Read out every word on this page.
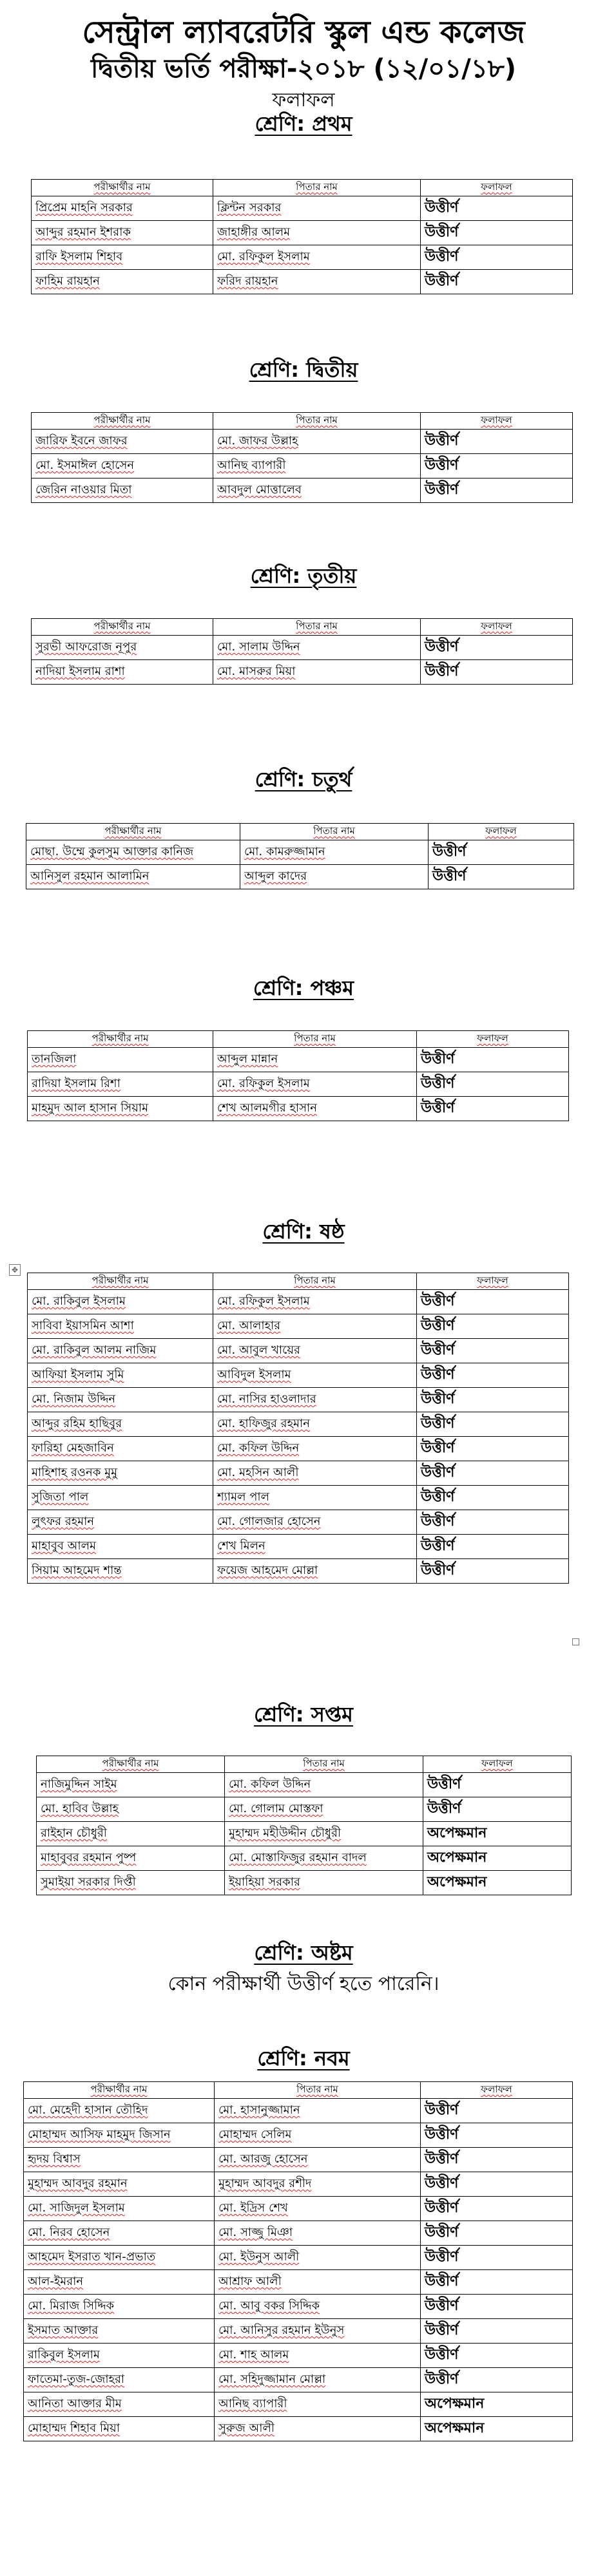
সেন্ট্রাল ল্যাবরেটরি স্কুল এন্ড কলেজ
দ্বিতীয় ভর্তি পরীক্ষা-২০১৮ (১২/০১/১৮)
ফলাফল
✥
শ্রেণি: প্রথম
পরীক্ষার্থীর নাম	পিতার নাম	ফলাফল
প্রিপ্রেম মাহনি সরকার	ক্লিন্টন সরকার	উত্তীর্ণ
আব্দুর রহমান ইশরাক	জাহাঙ্গীর আলম	উত্তীর্ণ
রাফি ইসলাম শিহাব	মো. রফিকুল ইসলাম	উত্তীর্ণ
ফাহিম রায়হান	ফরিদ রায়হান	উত্তীর্ণ
শ্রেণি: দ্বিতীয়
পরীক্ষার্থীর নাম	পিতার নাম	ফলাফল
জারিফ ইবনে জাফর	মো. জাফর উল্লাহ	উত্তীর্ণ
মো. ইসমাঈল হোসেন	আনিছ ব্যাপারী	উত্তীর্ণ
জেরিন নাওয়ার মিতা	আবদুল মোত্তালেব	উত্তীর্ণ
শ্রেণি: তৃতীয়
পরীক্ষার্থীর নাম	পিতার নাম	ফলাফল
সুরভী আফরোজ নূপুর	মো. সালাম উদ্দিন	উত্তীর্ণ
নাদিয়া ইসলাম রাশা	মো. মাসরুর মিয়া	উত্তীর্ণ
শ্রেণি: চতুর্থ
পরীক্ষার্থীর নাম	পিতার নাম	ফলাফল
মোছা. উম্মে কুলসুম আক্তার কানিজ	মো. কামরুজ্জামান	উত্তীর্ণ
আনিসুল রহমান আলামিন	আব্দুল কাদের	উত্তীর্ণ
শ্রেণি: পঞ্চম
পরীক্ষার্থীর নাম	পিতার নাম	ফলাফল
তানজিলা	আব্দুল মান্নান	উত্তীর্ণ
রাদিয়া ইসলাম রিশা	মো. রফিকুল ইসলাম	উত্তীর্ণ
মাহমুদ আল হাসান সিয়াম	শেখ আলমগীর হাসান	উত্তীর্ণ
শ্রেণি: ষষ্ঠ
পরীক্ষার্থীর নাম	পিতার নাম	ফলাফল
মো. রাকিবুল ইসলাম	মো. রফিকুল ইসলাম	উত্তীর্ণ
সাবিবা ইয়াসমিন আশা	মো. আলাহার	উত্তীর্ণ
মো. রাকিবুল আলম নাজিম	মো. আবুল খায়ের	উত্তীর্ণ
আফিয়া ইসলাম সুমি	আবিদুল ইসলাম	উত্তীর্ণ
মো. নিজাম উদ্দিন	মো. নাসির হাওলাদার	উত্তীর্ণ
আব্দুর রহিম হাছিবুর	মো. হাফিজুর রহমান	উত্তীর্ণ
ফারিহা মেহজাবিন	মো. কফিল উদ্দিন	উত্তীর্ণ
মাহিশাহ রওনক মুমু	মো. মহসিন আলী	উত্তীর্ণ
সুজিতা পাল	শ্যামল পাল	উত্তীর্ণ
লুৎফর রহমান	মো. গোলজার হোসেন	উত্তীর্ণ
মাহাবুব আলম	শেখ মিলন	উত্তীর্ণ
সিয়াম আহমেদ শান্ত	ফয়েজ আহমেদ মোল্লা	উত্তীর্ণ
শ্রেণি: সপ্তম
পরীক্ষার্থীর নাম	পিতার নাম	ফলাফল
নাজিমুদ্দিন সাইম	মো. কফিল উদ্দিন	উত্তীর্ণ
মো. হাবিব উল্লাহ	মো. গোলাম মোস্তফা	উত্তীর্ণ
রাইহান চৌধুরী	মুহাম্মদ মহীউদ্দীন চৌধুরী	অপেক্ষমান
মাহাবুবর রহমান পুষ্প	মো. মোস্তাফিজুর রহমান বাদল	অপেক্ষমান
সুমাইয়া সরকার দিপ্তী	ইয়াহিয়া সরকার	অপেক্ষমান
শ্রেণি: অষ্টম
কোন পরীক্ষার্থী উত্তীর্ণ হতে পারেনি।
শ্রেণি: নবম
পরীক্ষার্থীর নাম	পিতার নাম	ফলাফল
মো. মেহেদী হাসান তৌহিদ	মো. হাসানুজ্জামান	উত্তীর্ণ
মোহাম্মদ আসিফ মাহমুদ জিসান	মোহাম্মদ সেলিম	উত্তীর্ণ
হৃদয় বিশ্বাস	মো. আরজু হোসেন	উত্তীর্ণ
মুহাম্মদ আবদুর রহমান	মুহাম্মদ আবদুর রশীদ	উত্তীর্ণ
মো. সাজিদুল ইসলাম	মো. ইদ্রিস শেখ	উত্তীর্ণ
মো. নিরব হোসেন	মো. সাজ্জু মিঞা	উত্তীর্ণ
আহমেদ ইসরাত খান-প্রভাত	মো. ইউনুস আলী	উত্তীর্ণ
আল-ইমরান	আশ্রাফ আলী	উত্তীর্ণ
মো. মিরাজ সিদ্দিক	মো. আবু বকর সিদ্দিক	উত্তীর্ণ
ইসমাত আক্তার	মো. আনিসুর রহমান ইউনুস	উত্তীর্ণ
রাকিবুল ইসলাম	মো. শাহ আলম	উত্তীর্ণ
ফাতেমা-তুজ-জোহরা	মো. সহিদুজ্জামান মোল্লা	উত্তীর্ণ
আনিতা আক্তার মীম	আনিছ ব্যাপারী	অপেক্ষমান
মোহাম্মদ শিহাব মিয়া	সুরুজ আলী	অপেক্ষমান
